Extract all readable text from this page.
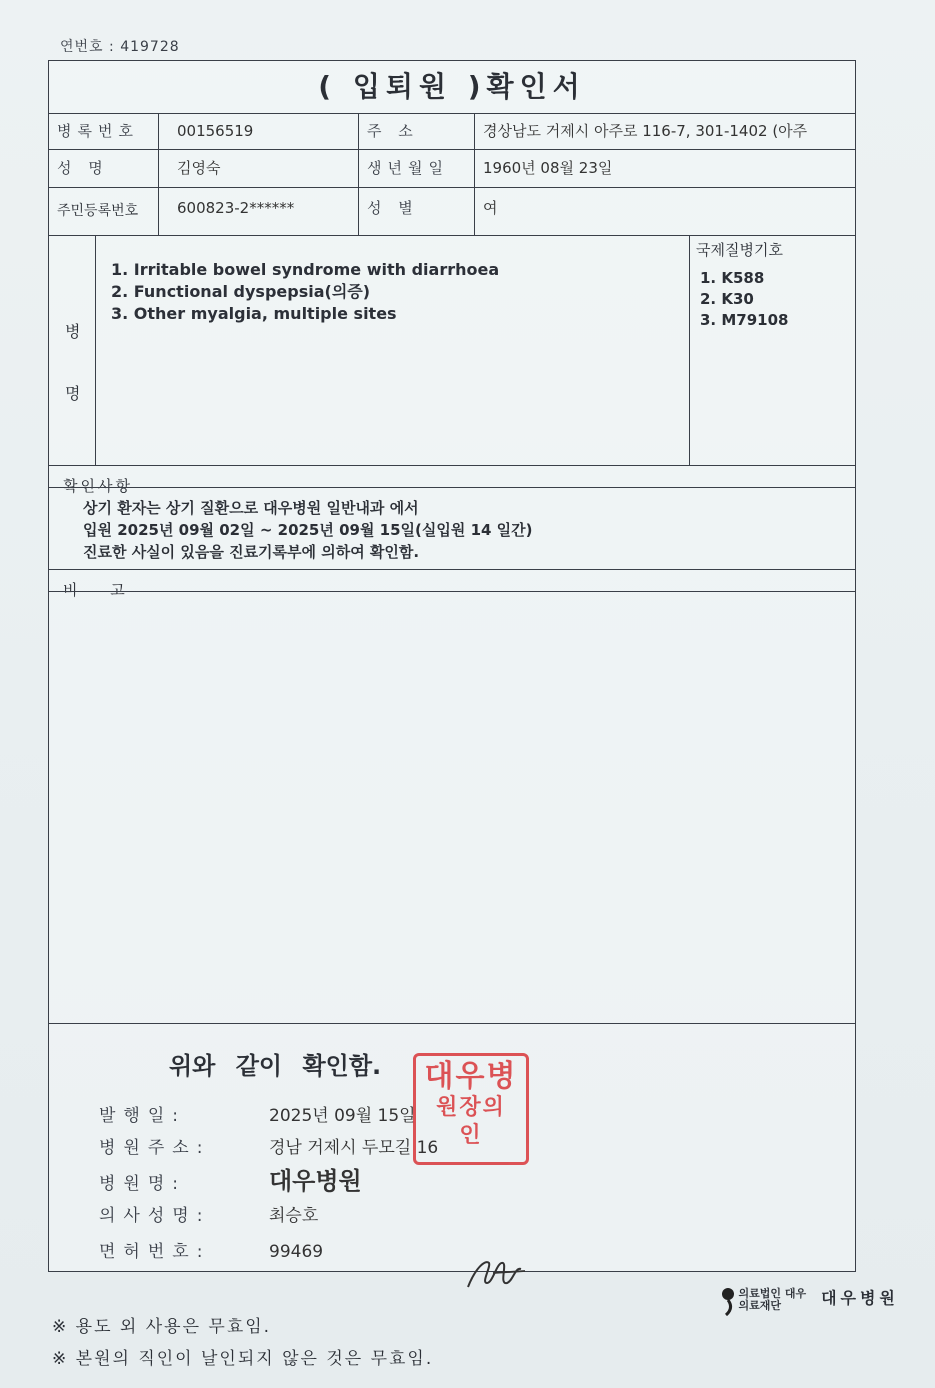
연번호 : 419728
( 입퇴원 )확인서
병록번호	00156519	주 소	경상남도 거제시 아주로 116-7, 301-1402 (아주
성 명	김영숙	생년월일	1960년 08월 23일
주민등록번호	600823-2******	성 별	여
병
명
1. Irritable bowel syndrome with diarrhoea
2. Functional dyspepsia(의증)
3. Other myalgia, multiple sites
국제질병기호
1. K588
2. K30
3. M79108
확인사항
상기 환자는 상기 질환으로 대우병원 일반내과 에서
입원 2025년 09월 02일 ~ 2025년 09월 15일(실입원 14 일간)
진료한 사실이 있음을 진료기록부에 의하여 확인함.
비 고
위와 같이 확인함.
발행일:	2025년 09월 15일
병원주소:	경남 거제시 두모길 16
병원명:	대우병원
의사성명:	최승호
면허번호:	99469
대우병
원장의
인
※ 용도 외 사용은 무효임.
※ 본원의 직인이 날인되지 않은 것은 무효임.
의료법인 대우의료재단	대우병원
